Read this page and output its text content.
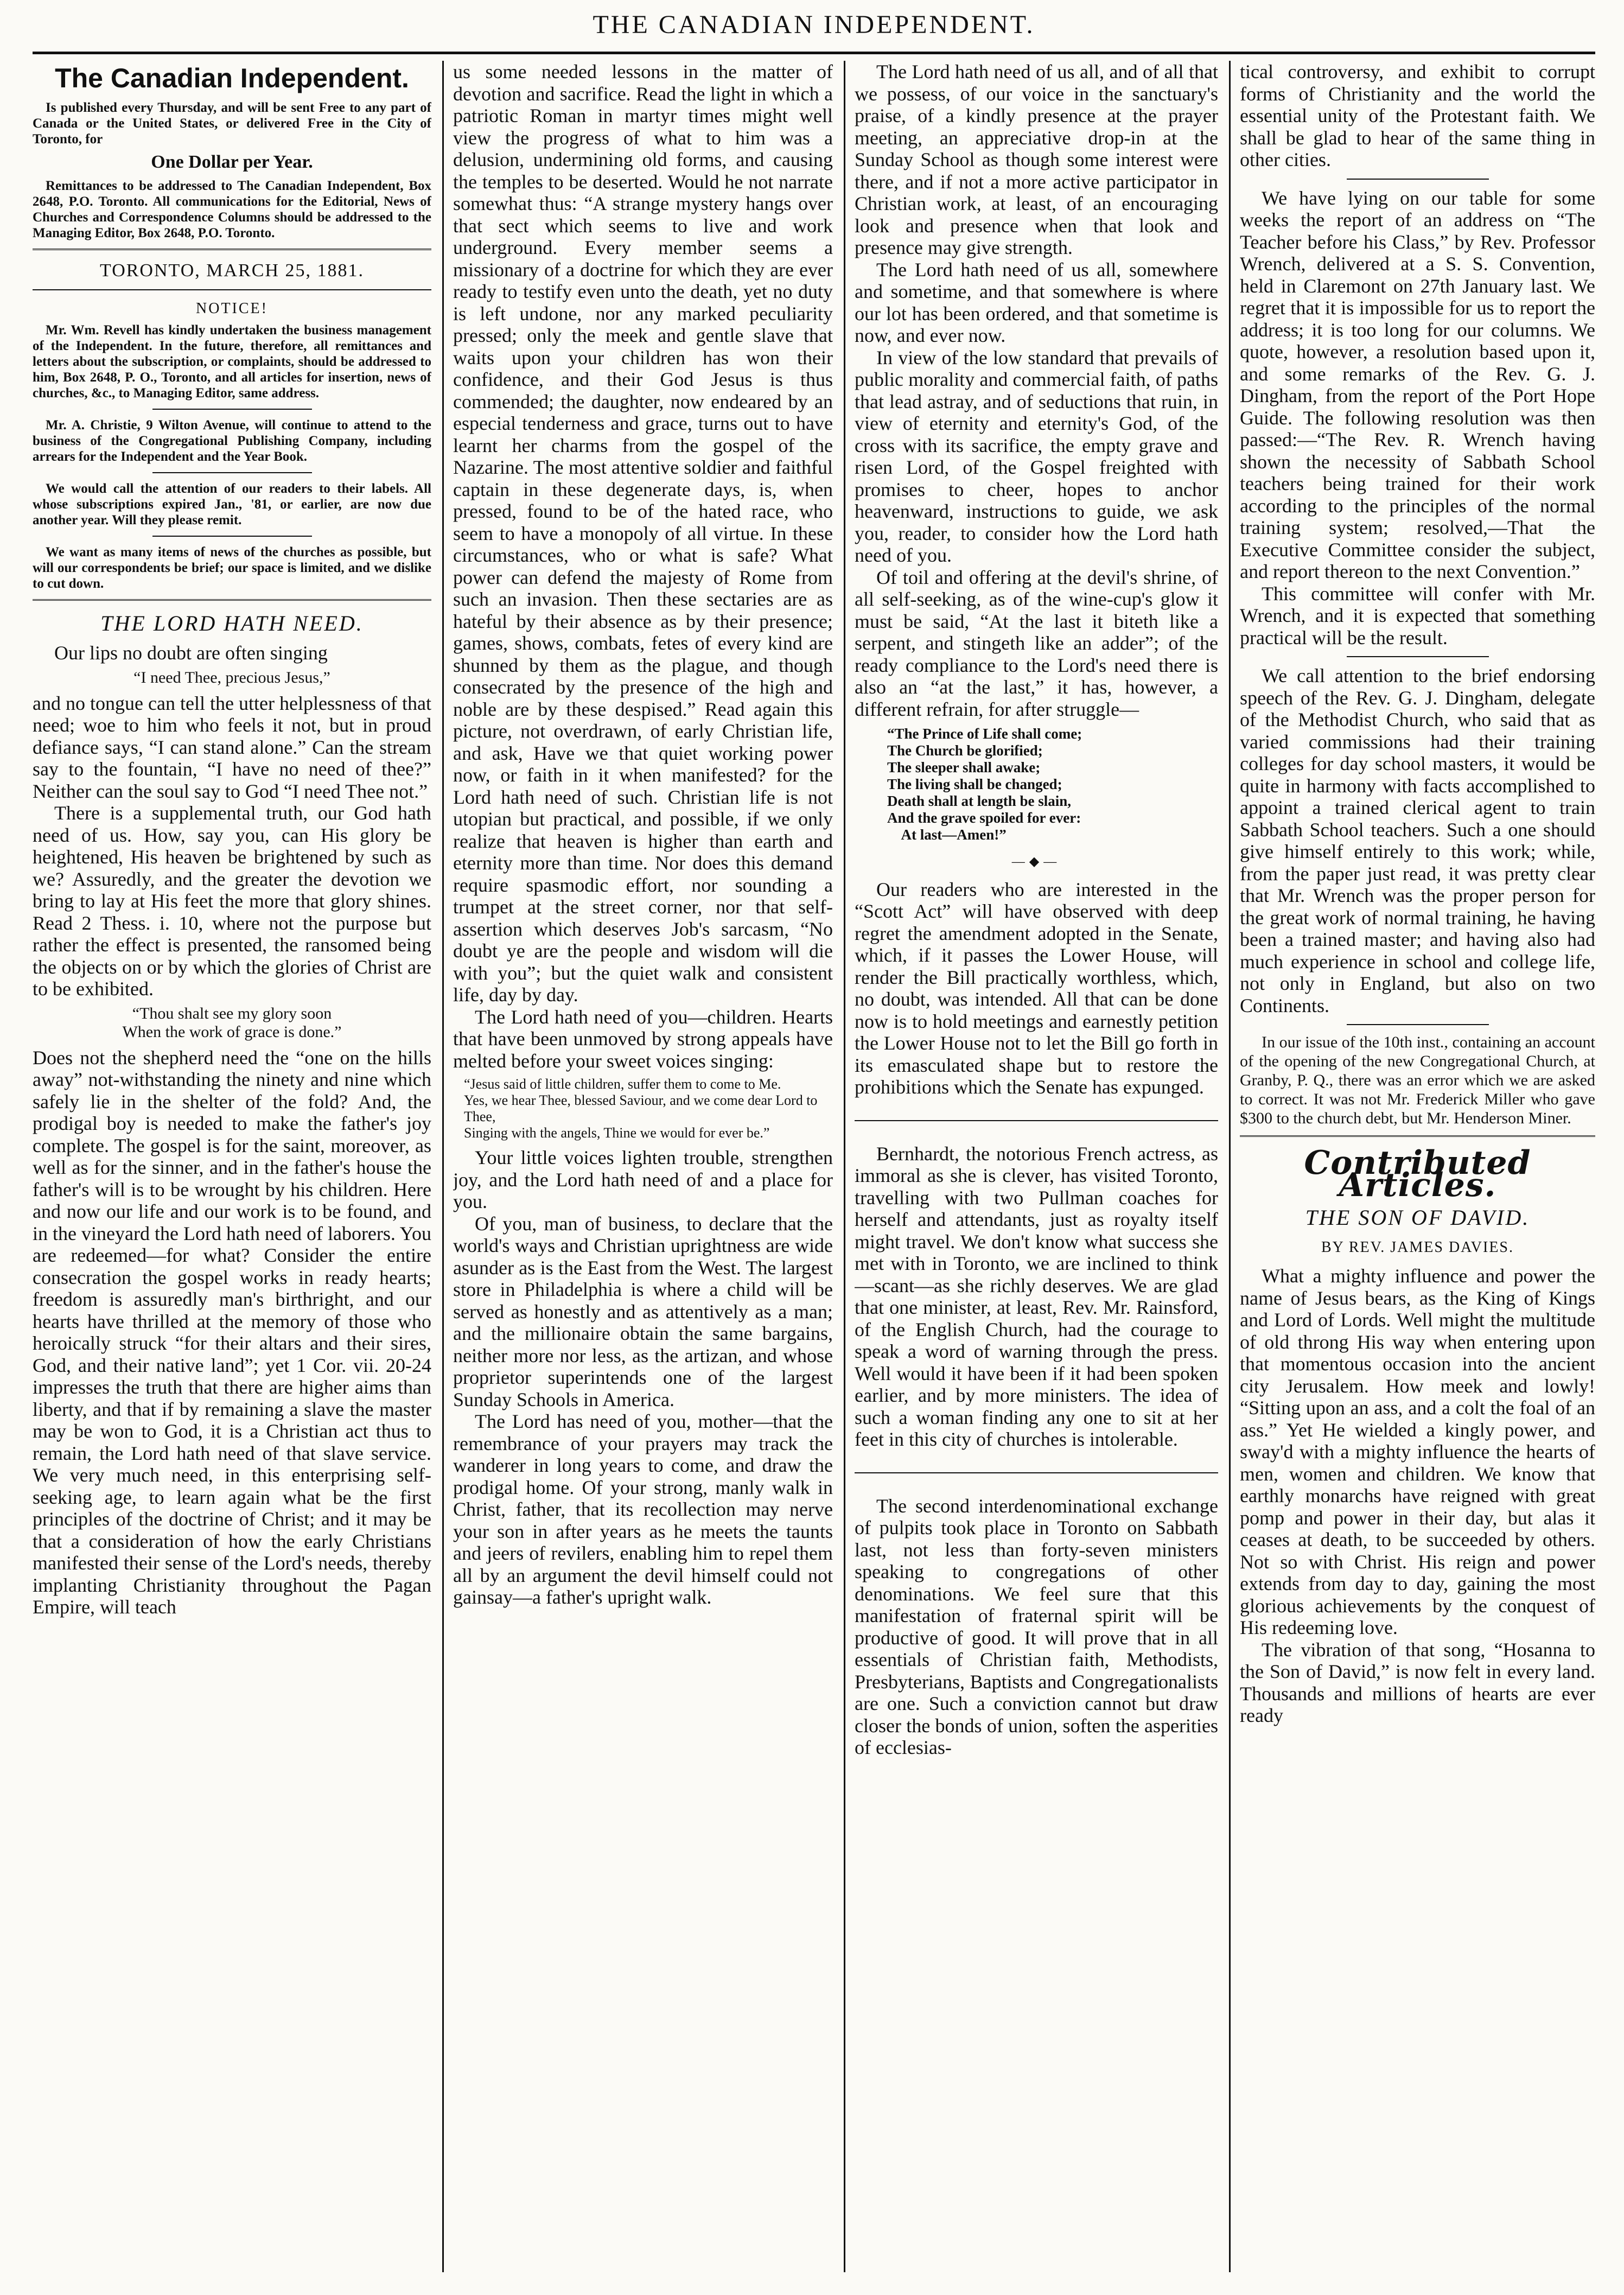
THE CANADIAN INDEPENDENT.
The Canadian Independent.

Is published every Thursday, and will be sent Free to any part of Canada or the United States, or delivered Free in the City of Toronto, for

One Dollar per Year.

Remittances to be addressed to The Canadian Independent, Box 2648, P.O. Toronto. All communications for the Editorial, News of Churches and Correspondence Columns should be addressed to the Managing Editor, Box 2648, P.O. Toronto.

TORONTO, MARCH 25, 1881.
NOTICE!

Mr. Wm. Revell has kindly undertaken the business management of the Independent. In the future, therefore, all remittances and letters about the subscription, or complaints, should be addressed to him, Box 2648, P. O., Toronto, and all articles for insertion, news of churches, &c., to Managing Editor, same address.

Mr. A. Christie, 9 Wilton Avenue, will continue to attend to the business of the Congregational Publishing Company, including arrears for the Independent and the Year Book.

We would call the attention of our readers to their labels. All whose subscriptions expired Jan., '81, or earlier, are now due another year. Will they please remit.

We want as many items of news of the churches as possible, but will our correspondents be brief; our space is limited, and we dislike to cut down.

THE LORD HATH NEED.

Our lips no doubt are often singing

“I need Thee, precious Jesus,”

and no tongue can tell the utter helplessness of that need; woe to him who feels it not, but in proud defiance says, “I can stand alone.” Can the stream say to the fountain, “I have no need of thee?” Neither can the soul say to God “I need Thee not.”

There is a supplemental truth, our God hath need of us. How, say you, can His glory be heightened, His heaven be brightened by such as we? Assuredly, and the greater the devotion we bring to lay at His feet the more that glory shines. Read 2 Thess. i. 10, where not the purpose but rather the effect is presented, the ransomed being the objects on or by which the glories of Christ are to be exhibited.

“Thou shalt see my glory soon
When the work of grace is done.”

Does not the shepherd need the “one on the hills away” not-withstanding the ninety and nine which safely lie in the shelter of the fold? And, the prodigal boy is needed to make the father's joy complete. The gospel is for the saint, moreover, as well as for the sinner, and in the father's house the father's will is to be wrought by his children. Here and now our life and our work is to be found, and in the vineyard the Lord hath need of laborers. You are redeemed—for what? Consider the entire consecration the gospel works in ready hearts; freedom is assuredly man's birthright, and our hearts have thrilled at the memory of those who heroically struck “for their altars and their sires, God, and their native land”; yet 1 Cor. vii. 20-24 impresses the truth that there are higher aims than liberty, and that if by remaining a slave the master may be won to God, it is a Christian act thus to remain, the Lord hath need of that slave service. We very much need, in this enterprising self-seeking age, to learn again what be the first principles of the doctrine of Christ; and it may be that a consideration of how the early Christians manifested their sense of the Lord's needs, thereby implanting Christianity throughout the Pagan Empire, will teach

us some needed lessons in the matter of devotion and sacrifice. Read the light in which a patriotic Roman in martyr times might well view the progress of what to him was a delusion, undermining old forms, and causing the temples to be deserted. Would he not narrate somewhat thus: “A strange mystery hangs over that sect which seems to live and work underground. Every member seems a missionary of a doctrine for which they are ever ready to testify even unto the death, yet no duty is left undone, nor any marked peculiarity pressed; only the meek and gentle slave that waits upon your children has won their confidence, and their God Jesus is thus commended; the daughter, now endeared by an especial tenderness and grace, turns out to have learnt her charms from the gospel of the Nazarine. The most attentive soldier and faithful captain in these degenerate days, is, when pressed, found to be of the hated race, who seem to have a monopoly of all virtue. In these circumstances, who or what is safe? What power can defend the majesty of Rome from such an invasion. Then these sectaries are as hateful by their absence as by their presence; games, shows, combats, fetes of every kind are shunned by them as the plague, and though consecrated by the presence of the high and noble are by these despised.” Read again this picture, not overdrawn, of early Christian life, and ask, Have we that quiet working power now, or faith in it when manifested? for the Lord hath need of such. Christian life is not utopian but practical, and possible, if we only realize that heaven is higher than earth and eternity more than time. Nor does this demand require spasmodic effort, nor sounding a trumpet at the street corner, nor that self-assertion which deserves Job's sarcasm, “No doubt ye are the people and wisdom will die with you”; but the quiet walk and consistent life, day by day.

The Lord hath need of you—children. Hearts that have been unmoved by strong appeals have melted before your sweet voices singing:

“Jesus said of little children, suffer them to come to Me.
Yes, we hear Thee, blessed Saviour, and we come dear Lord to Thee,
Singing with the angels, Thine we would for ever be.”

Your little voices lighten trouble, strengthen joy, and the Lord hath need of and a place for you.

Of you, man of business, to declare that the world's ways and Christian uprightness are wide asunder as is the East from the West. The largest store in Philadelphia is where a child will be served as honestly and as attentively as a man; and the millionaire obtain the same bargains, neither more nor less, as the artizan, and whose proprietor superintends one of the largest Sunday Schools in America.

The Lord has need of you, mother—that the remembrance of your prayers may track the wanderer in long years to come, and draw the prodigal home. Of your strong, manly walk in Christ, father, that its recollection may nerve your son in after years as he meets the taunts and jeers of revilers, enabling him to repel them all by an argument the devil himself could not gainsay—a father's upright walk.

The Lord hath need of us all, and of all that we possess, of our voice in the sanctuary's praise, of a kindly presence at the prayer meeting, an appreciative drop-in at the Sunday School as though some interest were there, and if not a more active participator in Christian work, at least, of an encouraging look and presence when that look and presence may give strength.

The Lord hath need of us all, somewhere and sometime, and that somewhere is where our lot has been ordered, and that sometime is now, and ever now.

In view of the low standard that prevails of public morality and commercial faith, of paths that lead astray, and of seductions that ruin, in view of eternity and eternity's God, of the cross with its sacrifice, the empty grave and risen Lord, of the Gospel freighted with promises to cheer, hopes to anchor heavenward, instructions to guide, we ask you, reader, to consider how the Lord hath need of you.

Of toil and offering at the devil's shrine, of all self-seeking, as of the wine-cup's glow it must be said, “At the last it biteth like a serpent, and stingeth like an adder”; of the ready compliance to the Lord's need there is also an “at the last,” it has, however, a different refrain, for after struggle—

“The Prince of Life shall come;
The Church be glorified;
The sleeper shall awake;
The living shall be changed;
Death shall at length be slain,
And the grave spoiled for ever:
At last—Amen!”
—◆—

Our readers who are interested in the “Scott Act” will have observed with deep regret the amendment adopted in the Senate, which, if it passes the Lower House, will render the Bill practically worthless, which, no doubt, was intended. All that can be done now is to hold meetings and earnestly petition the Lower House not to let the Bill go forth in its emasculated shape but to restore the prohibitions which the Senate has expunged.

Bernhardt, the notorious French actress, as immoral as she is clever, has visited Toronto, travelling with two Pullman coaches for herself and attendants, just as royalty itself might travel. We don't know what success she met with in Toronto, we are inclined to think—scant—as she richly deserves. We are glad that one minister, at least, Rev. Mr. Rainsford, of the English Church, had the courage to speak a word of warning through the press. Well would it have been if it had been spoken earlier, and by more ministers. The idea of such a woman finding any one to sit at her feet in this city of churches is intolerable.

The second interdenominational exchange of pulpits took place in Toronto on Sabbath last, not less than forty-seven ministers speaking to congregations of other denominations. We feel sure that this manifestation of fraternal spirit will be productive of good. It will prove that in all essentials of Christian faith, Methodists, Presbyterians, Baptists and Congregationalists are one. Such a conviction cannot but draw closer the bonds of union, soften the asperities of ecclesias-

tical controversy, and exhibit to corrupt forms of Christianity and the world the essential unity of the Protestant faith. We shall be glad to hear of the same thing in other cities.

We have lying on our table for some weeks the report of an address on “The Teacher before his Class,” by Rev. Professor Wrench, delivered at a S. S. Convention, held in Claremont on 27th January last. We regret that it is impossible for us to report the address; it is too long for our columns. We quote, however, a resolution based upon it, and some remarks of the Rev. G. J. Dingham, from the report of the Port Hope Guide. The following resolution was then passed:—“The Rev. R. Wrench having shown the necessity of Sabbath School teachers being trained for their work according to the principles of the normal training system; resolved,—That the Executive Committee consider the subject, and report thereon to the next Convention.”

This committee will confer with Mr. Wrench, and it is expected that something practical will be the result.

We call attention to the brief endorsing speech of the Rev. G. J. Dingham, delegate of the Methodist Church, who said that as varied commissions had their training colleges for day school masters, it would be quite in harmony with facts accomplished to appoint a trained clerical agent to train Sabbath School teachers. Such a one should give himself entirely to this work; while, from the paper just read, it was pretty clear that Mr. Wrench was the proper person for the great work of normal training, he having been a trained master; and having also had much experience in school and college life, not only in England, but also on two Continents.

In our issue of the 10th inst., containing an account of the opening of the new Congregational Church, at Granby, P. Q., there was an error which we are asked to correct. It was not Mr. Frederick Miller who gave $300 to the church debt, but Mr. Henderson Miner.

Contributed Articles.
THE SON OF DAVID.
BY REV. JAMES DAVIES.

What a mighty influence and power the name of Jesus bears, as the King of Kings and Lord of Lords. Well might the multitude of old throng His way when entering upon that momentous occasion into the ancient city Jerusalem. How meek and lowly! “Sitting upon an ass, and a colt the foal of an ass.” Yet He wielded a kingly power, and sway'd with a mighty influence the hearts of men, women and children. We know that earthly monarchs have reigned with great pomp and power in their day, but alas it ceases at death, to be succeeded by others. Not so with Christ. His reign and power extends from day to day, gaining the most glorious achievements by the conquest of His redeeming love.

The vibration of that song, “Hosanna to the Son of David,” is now felt in every land. Thousands and millions of hearts are ever ready
